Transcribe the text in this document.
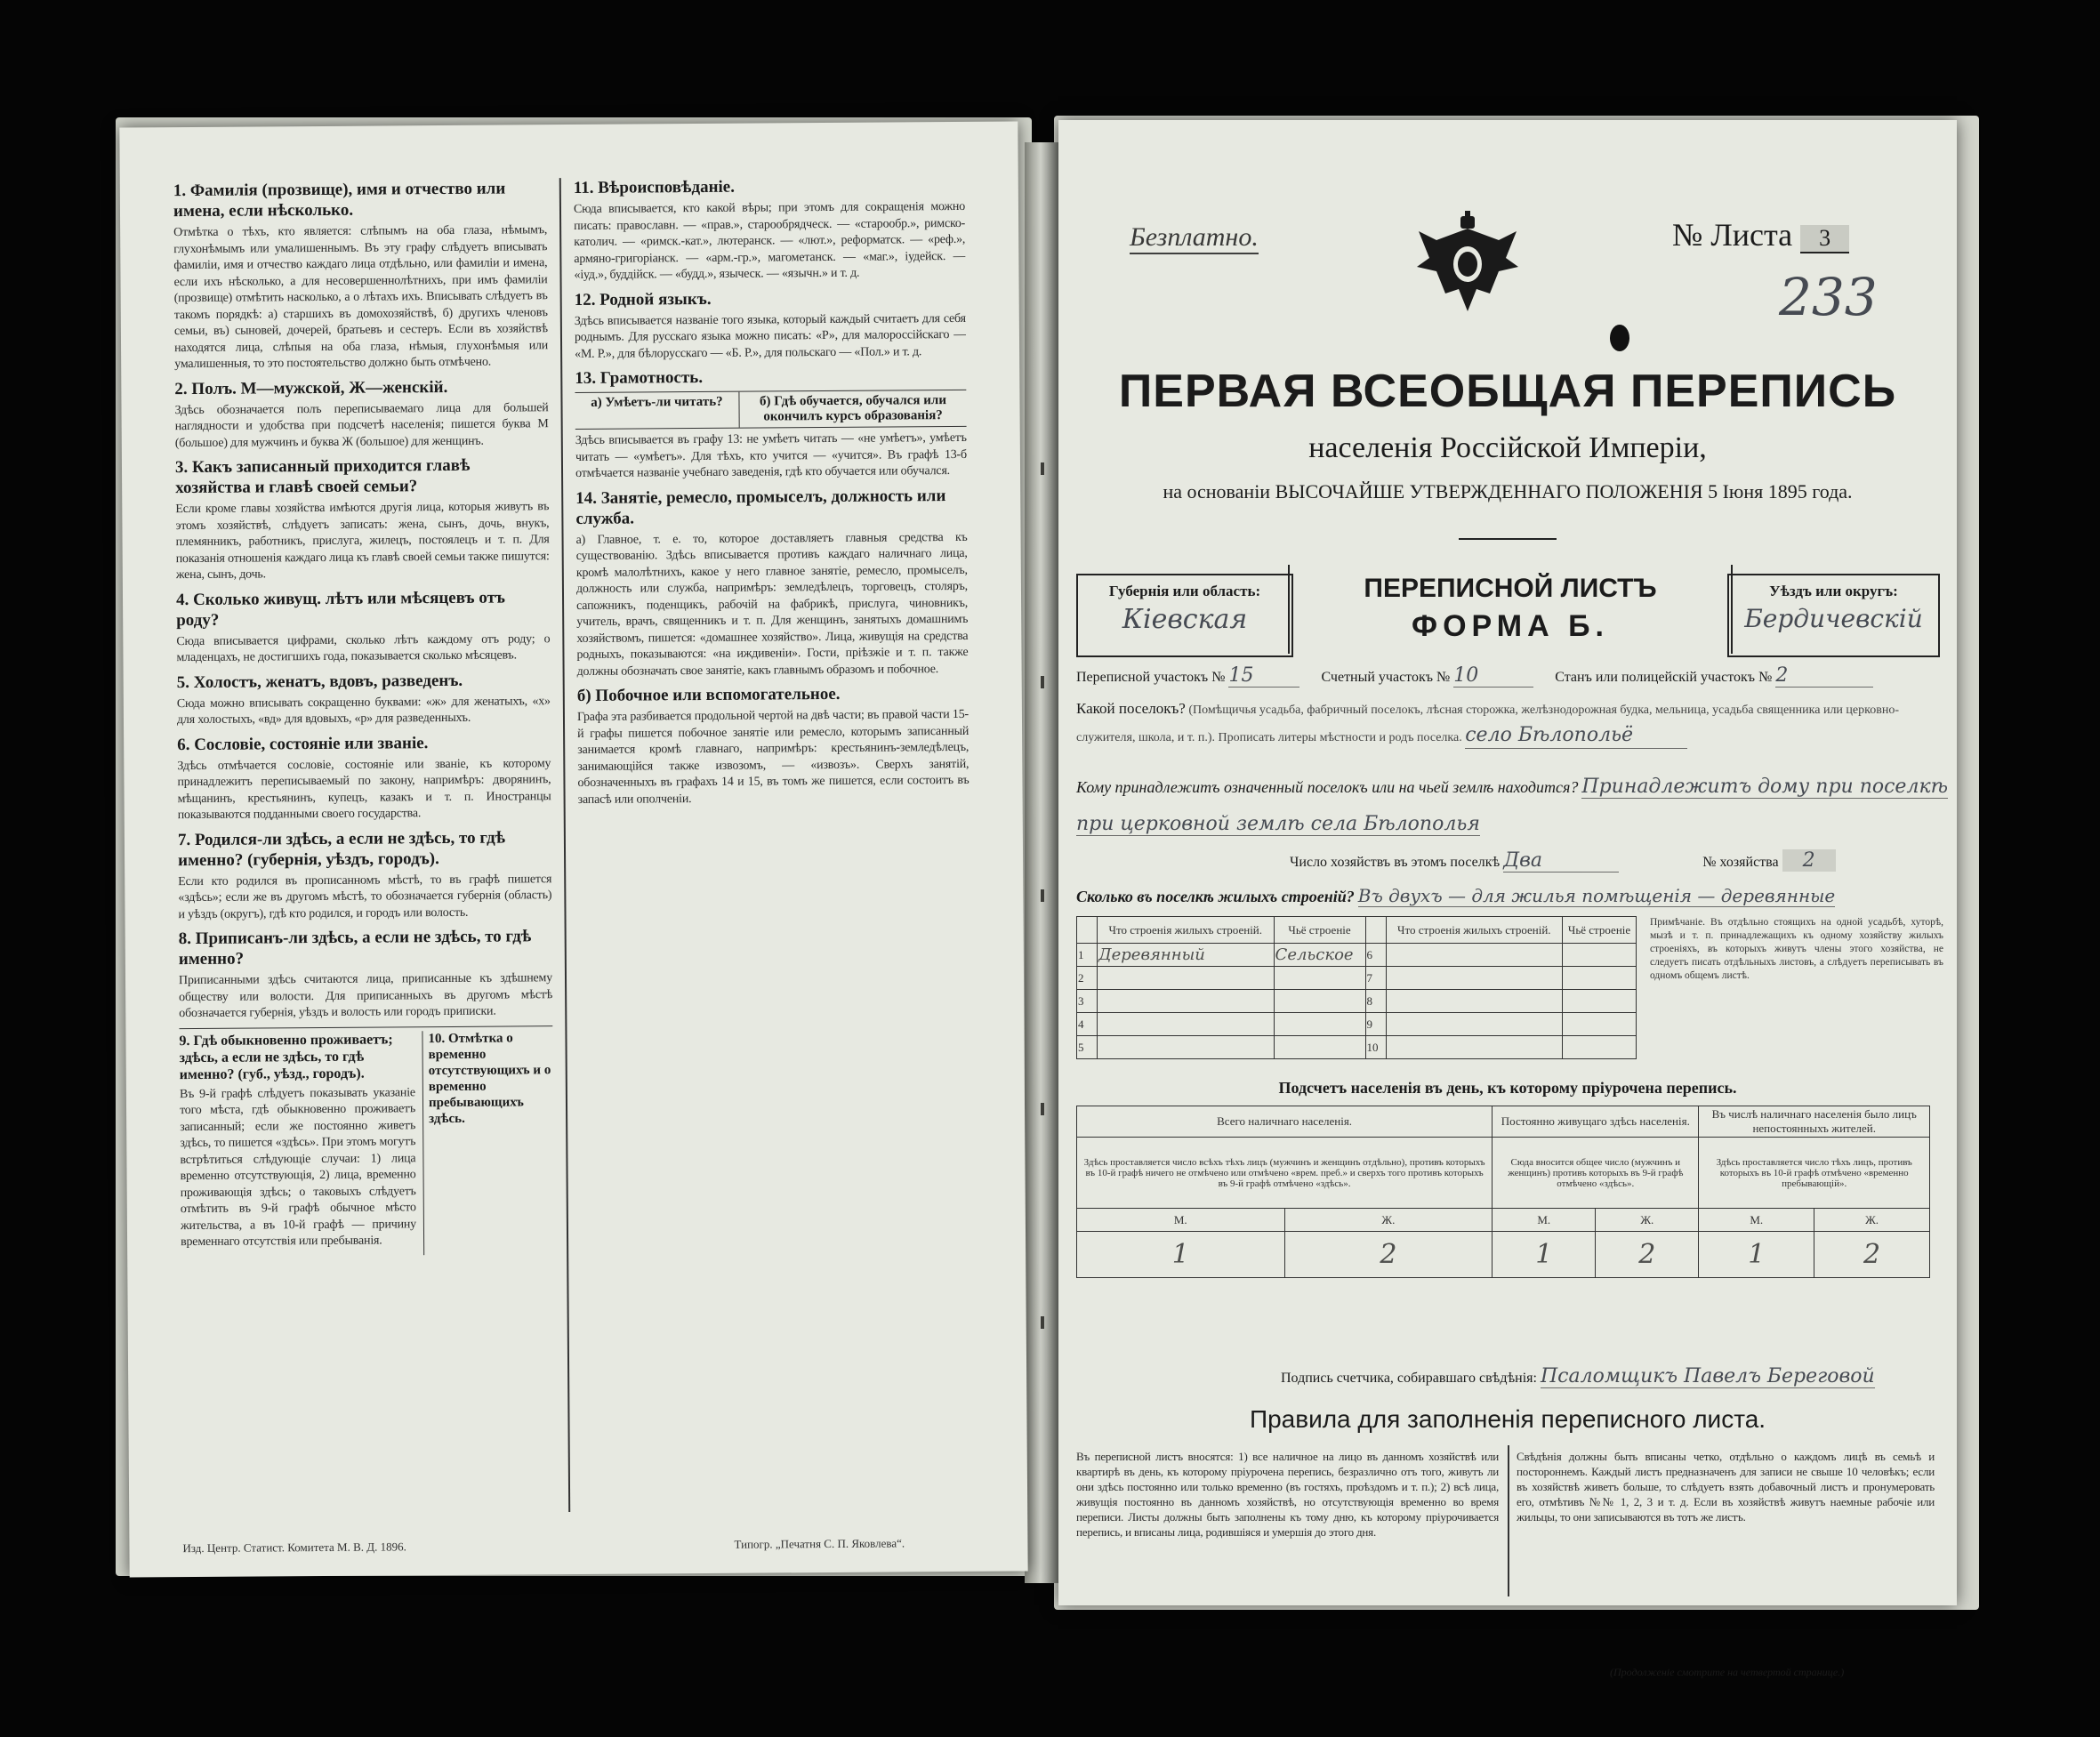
1. Фамилія (прозвище), имя и отчество или имена, если нѣсколько.
Отмѣтка о тѣхъ, кто является: слѣпымъ на оба глаза, нѣмымъ, глухонѣмымъ или умалишеннымъ. Въ эту графу слѣдуетъ вписывать фамиліи, имя и отчество каждаго лица отдѣльно, или фамиліи и имена, если ихъ нѣсколько, а для несовершеннолѣтнихъ, при имъ фамиліи (прозвище) отмѣтить насколько, а о лѣтахъ ихъ. Вписывать слѣдуетъ въ такомъ порядкѣ: а) старшихъ въ домохозяйствѣ, б) другихъ членовъ семьи, въ) сыновей, дочерей, братьевъ и сестеръ. Если въ хозяйствѣ находятся лица, слѣпыя на оба глаза, нѣмыя, глухонѣмыя или умалишенныя, то это постоятельство должно быть отмѣчено.
2. Полъ. М—мужской, Ж—женскій.
Здѣсь обозначается полъ переписываемаго лица для большей наглядности и удобства при подсчетѣ населенія; пишется буква М (большое) для мужчинъ и буква Ж (большое) для женщинъ.
3. Какъ записанный приходится главѣ хозяйства и главѣ своей семьи?
Если кроме главы хозяйства имѣются другія лица, которыя живутъ въ этомъ хозяйствѣ, слѣдуетъ записать: жена, сынъ, дочь, внукъ, племянникъ, работникъ, прислуга, жилецъ, постоялецъ и т. п. Для показанія отношенія каждаго лица къ главѣ своей семьи также пишутся: жена, сынъ, дочь.
4. Сколько живущ. лѣтъ или мѣсяцевъ отъ роду?
Сюда вписывается цифрами, сколько лѣтъ каждому отъ роду; о младенцахъ, не достигшихъ года, показывается сколько мѣсяцевъ.
5. Холостъ, женатъ, вдовъ, разведенъ.
Сюда можно вписывать сокращенно буквами: «ж» для женатыхъ, «х» для холостыхъ, «вд» для вдовыхъ, «р» для разведенныхъ.
6. Сословіе, состояніе или званіе.
Здѣсь отмѣчается сословіе, состояніе или званіе, къ которому принадлежитъ переписываемый по закону, напримѣръ: дворянинъ, мѣщанинъ, крестьянинъ, купецъ, казакъ и т. п. Иностранцы показываются подданными своего государства.
7. Родился-ли здѣсь, а если не здѣсь, то гдѣ именно? (губернія, уѣздъ, городъ).
Если кто родился въ прописанномъ мѣстѣ, то въ графѣ пишется «здѣсь»; если же въ другомъ мѣстѣ, то обозначается губернія (область) и уѣздъ (округъ), гдѣ кто родился, и городъ или волость.
8. Приписанъ-ли здѣсь, а если не здѣсь, то гдѣ именно?
Приписанными здѣсь считаются лица, приписанные къ здѣшнему обществу или волости. Для приписанныхъ въ другомъ мѣстѣ обозначается губернія, уѣздъ и волость или городъ приписки.
9. Гдѣ обыкновенно проживаетъ; здѣсь, а если не здѣсь, то гдѣ именно? (губ., уѣзд., городъ).
Въ 9-й графѣ слѣдуетъ показывать указаніе того мѣста, гдѣ обыкновенно проживаетъ записанный; если же постоянно живетъ здѣсь, то пишется «здѣсь». При этомъ могутъ встрѣтиться слѣдующіе случаи: 1) лица временно отсутствующія, 2) лица, временно проживающія здѣсь; о таковыхъ слѣдуетъ отмѣтить въ 9-й графѣ обычное мѣсто жительства, а въ 10-й графѣ — причину временнаго отсутствія или пребыванія.
10. Отмѣтка о временно отсутствующихъ и о временно пребывающихъ здѣсь.
11. Вѣроисповѣданіе.
Сюда вписывается, кто какой вѣры; при этомъ для сокращенія можно писать: православн. — «прав.», старообрядческ. — «старообр.», римско-католич. — «римск.-кат.», лютеранск. — «лют.», реформатск. — «реф.», армяно-григоріанск. — «арм.-гр.», магометанск. — «маг.», іудейск. — «іуд.», буддійск. — «будд.», языческ. — «язычн.» и т. д.
12. Родной языкъ.
Здѣсь вписывается названіе того языка, который каждый считаетъ для себя роднымъ. Для русскаго языка можно писать: «Р», для малороссійскаго — «М. Р.», для бѣлорусскаго — «Б. Р.», для польскаго — «Пол.» и т. д.
13. Грамотность.
а) Умѣетъ-ли читать?	б) Гдѣ обучается, обучался или окончилъ курсъ образованія?
Здѣсь вписывается въ графу 13: не умѣетъ читать — «не умѣетъ», умѣетъ читать — «умѣетъ». Для тѣхъ, кто учится — «учится». Въ графѣ 13-б отмѣчается названіе учебнаго заведенія, гдѣ кто обучается или обучался.
14. Занятіе, ремесло, промыселъ, должность или служба.
а) Главное, т. е. то, которое доставляетъ главныя средства къ существованію. Здѣсь вписывается противъ каждаго наличнаго лица, кромѣ малолѣтнихъ, какое у него главное занятіе, ремесло, промыселъ, должность или служба, напримѣръ: земледѣлецъ, торговецъ, столяръ, сапожникъ, поденщикъ, рабочій на фабрикѣ, прислуга, чиновникъ, учитель, врачъ, священникъ и т. п. Для женщинъ, занятыхъ домашнимъ хозяйствомъ, пишется: «домашнее хозяйство». Лица, живущія на средства родныхъ, показываются: «на иждивеніи». Гости, пріѣзжіе и т. п. также должны обозначать свое занятіе, какъ главнымъ образомъ и побочное.
б) Побочное или вспомогательное.
Графа эта разбивается продольной чертой на двѣ части; въ правой части 15-й графы пишется побочное занятіе или ремесло, которымъ записанный занимается кромѣ главнаго, напримѣръ: крестьянинъ-земледѣлецъ, занимающійся также извозомъ, — «извозъ». Сверхъ занятій, обозначенныхъ въ графахъ 14 и 15, въ томъ же пишется, если состоитъ въ запасѣ или ополченіи.
Изд. Центр. Статист. Комитета М. В. Д. 1896.	Типогр. „Печатня С. П. Яковлева“.
Безплатно.	№ Листа 3
233
ПЕРВАЯ ВСЕОБЩАЯ ПЕРЕПИСЬ
населенія Россійской Имперіи,
на основаніи ВЫСОЧАЙШЕ УТВЕРЖДЕННАГО ПОЛОЖЕНІЯ 5 Іюня 1895 года.
Губернія или область:
Кіевская
ПЕРЕПИСНОЙ ЛИСТЪ
ФОРМА Б.
Уѣздъ или округъ:
Бердичевскій
Переписной участокъ № 15	Счетный участокъ № 10	Станъ или полицейскій участокъ № 2
Какой поселокъ? (Помѣщичья усадьба, фабричный поселокъ, лѣсная сторожка, желѣзнодорожная будка, мельница, усадьба священника или церковно-служителя, школа, и т. п.). Прописать литеры мѣстности и родъ поселка. село Бѣлопольё
Кому принадлежитъ означенный поселокъ или на чьей землѣ находится? Принадлежитъ дому при поселкѣ при церковной землѣ села Бѣлополья
Число хозяйствъ въ этомъ поселкѣ Два	№ хозяйства 2
Сколько въ поселкѣ жилыхъ строеній? Въ двухъ — для жилья помѣщенія — деревянные
	Что строенія жилыхъ строеній.	Чьё строеніе		Что строенія жилыхъ строеній.	Чьё строеніе
1	Деревянный	Сельское	6		
2			7		
3			8		
4			9		
5			10		
Примѣчаніе. Въ отдѣльно стоящихъ на одной усадьбѣ, хуторѣ, мызѣ и т. п. принадлежащихъ къ одному хозяйству жилыхъ строеніяхъ, въ которыхъ живутъ члены этого хозяйства, не следуетъ писать отдѣльныхъ листовъ, а слѣдуетъ переписывать въ одномъ общемъ листѣ.
Подсчетъ населенія въ день, къ которому пріурочена перепись.
Всего наличнаго населенія.		Постоянно живущаго здѣсь населенія.		Въ числѣ наличнаго населенія было лицъ непостоянныхъ жителей.	
Здѣсь проставляется число всѣхъ тѣхъ лицъ (мужчинъ и женщинъ отдѣльно), противъ которыхъ въ 10-й графѣ ничего не отмѣчено или отмѣчено «врем. преб.» и сверхъ того противъ которыхъ въ 9-й графѣ отмѣчено «здѣсь».		Сюда вносится общее число (мужчинъ и женщинъ) противъ которыхъ въ 9-й графѣ отмѣчено «здѣсь».		Здѣсь проставляется число тѣхъ лицъ, противъ которыхъ въ 10-й графѣ отмѣчено «временно пребывающій».	
М.	Ж.	М.	Ж.	М.	Ж.
1	2	1	2	1	2
Подпись счетчика, собиравшаго свѣдѣнія: Псаломщикъ Павелъ Береговой
Правила для заполненія переписного листа.
Въ переписной листъ вносятся: 1) все наличное на лицо въ данномъ хозяйствѣ или квартирѣ въ день, къ которому пріурочена перепись, безразлично отъ того, живутъ ли они здѣсь постоянно или только временно (въ гостяхъ, проѣздомъ и т. п.); 2) всѣ лица, живущія постоянно въ данномъ хозяйствѣ, но отсутствующія временно во время переписи. Листы должны быть заполнены къ тому дню, къ которому пріурочивается перепись, и вписаны лица, родившіяся и умершія до этого дня.
Свѣдѣнія должны быть вписаны четко, отдѣльно о каждомъ лицѣ въ семьѣ и постороннемъ. Каждый листъ предназначенъ для записи не свыше 10 человѣкъ; если въ хозяйствѣ живетъ больше, то слѣдуетъ взять добавочный листъ и пронумеровать его, отмѣтивъ №№ 1, 2, 3 и т. д. Если въ хозяйствѣ живутъ наемные рабочіе или жильцы, то они записываются въ тотъ же листъ.
(Продолженіе смотрите на четвертой странице.)
